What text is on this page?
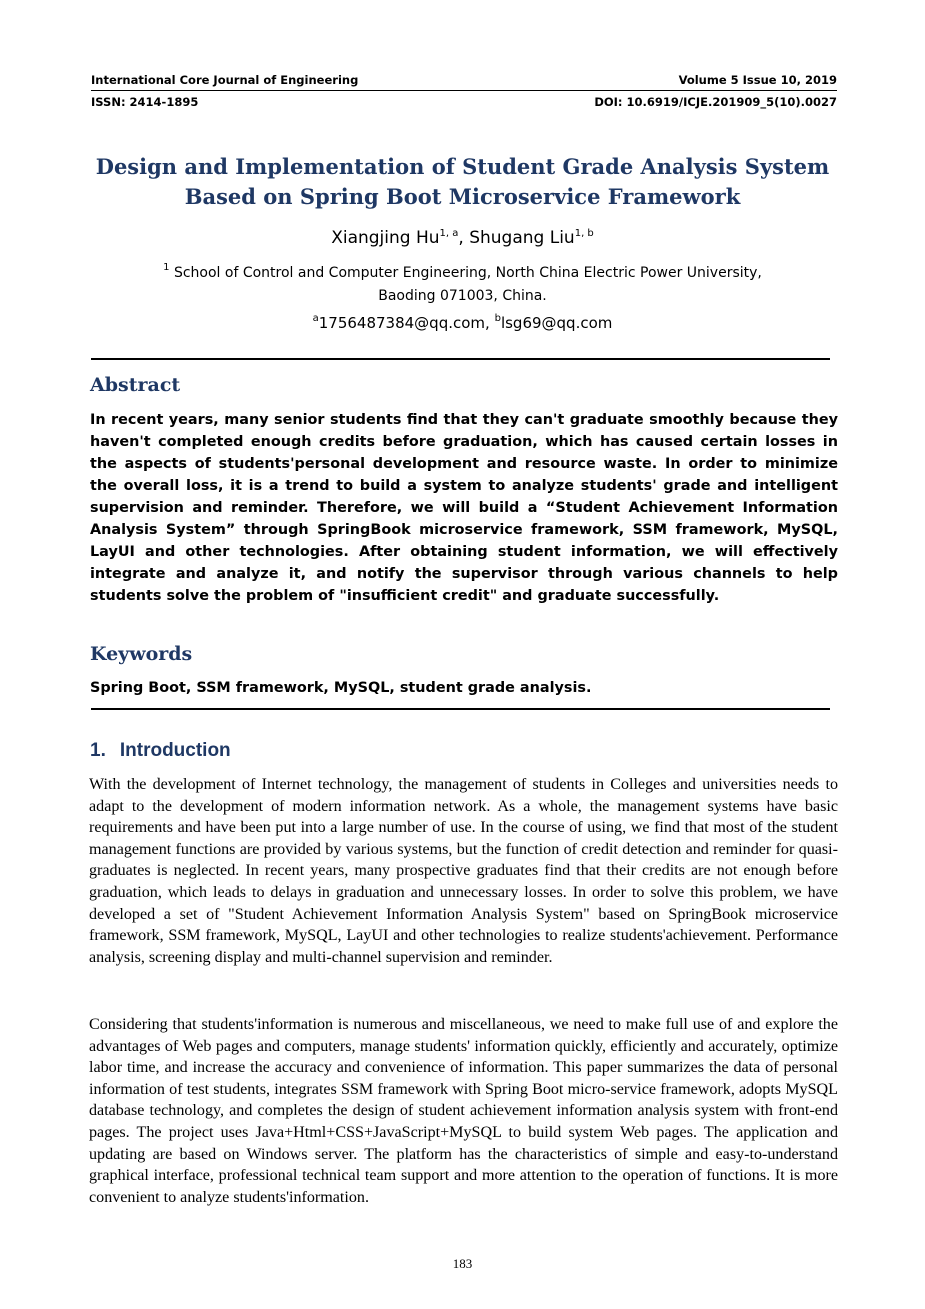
International Core Journal of Engineering	Volume 5 Issue 10, 2019
ISSN: 2414-1895	DOI: 10.6919/ICJE.201909_5(10).0027
Design and Implementation of Student Grade Analysis System
Based on Spring Boot Microservice Framework
Xiangjing Hu$^{1, a}$, Shugang Liu$^{1, b}$
$^1$ School of Control and Computer Engineering, North China Electric Power University,
Baoding 071003, China.
$^a$1756487384@qq.com, $^b$lsg69@qq.com
Abstract
In recent years, many senior students find that they can't graduate smoothly because they haven't completed enough credits before graduation, which has caused certain losses in the aspects of students'personal development and resource waste. In order to minimize the overall loss, it is a trend to build a system to analyze students' grade and intelligent supervision and reminder. Therefore, we will build a “Student Achievement Information Analysis System” through SpringBook microservice framework, SSM framework, MySQL, LayUI and other technologies. After obtaining student information, we will effectively integrate and analyze it, and notify the supervisor through various channels to help students solve the problem of "insufficient credit" and graduate successfully.
Keywords
Spring Boot, SSM framework, MySQL, student grade analysis.
1. Introduction
With the development of Internet technology, the management of students in Colleges and universities needs to adapt to the development of modern information network. As a whole, the management systems have basic requirements and have been put into a large number of use. In the course of using, we find that most of the student management functions are provided by various systems, but the function of credit detection and reminder for quasi-graduates is neglected. In recent years, many prospective graduates find that their credits are not enough before graduation, which leads to delays in graduation and unnecessary losses. In order to solve this problem, we have developed a set of "Student Achievement Information Analysis System" based on SpringBook microservice framework, SSM framework, MySQL, LayUI and other technologies to realize students'achievement. Performance analysis, screening display and multi-channel supervision and reminder.
Considering that students'information is numerous and miscellaneous, we need to make full use of and explore the advantages of Web pages and computers, manage students' information quickly, efficiently and accurately, optimize labor time, and increase the accuracy and convenience of information. This paper summarizes the data of personal information of test students, integrates SSM framework with Spring Boot micro-service framework, adopts MySQL database technology, and completes the design of student achievement information analysis system with front-end pages. The project uses Java+Html+CSS+JavaScript+MySQL to build system Web pages. The application and updating are based on Windows server. The platform has the characteristics of simple and easy-to-understand graphical interface, professional technical team support and more attention to the operation of functions. It is more convenient to analyze students'information.
183
